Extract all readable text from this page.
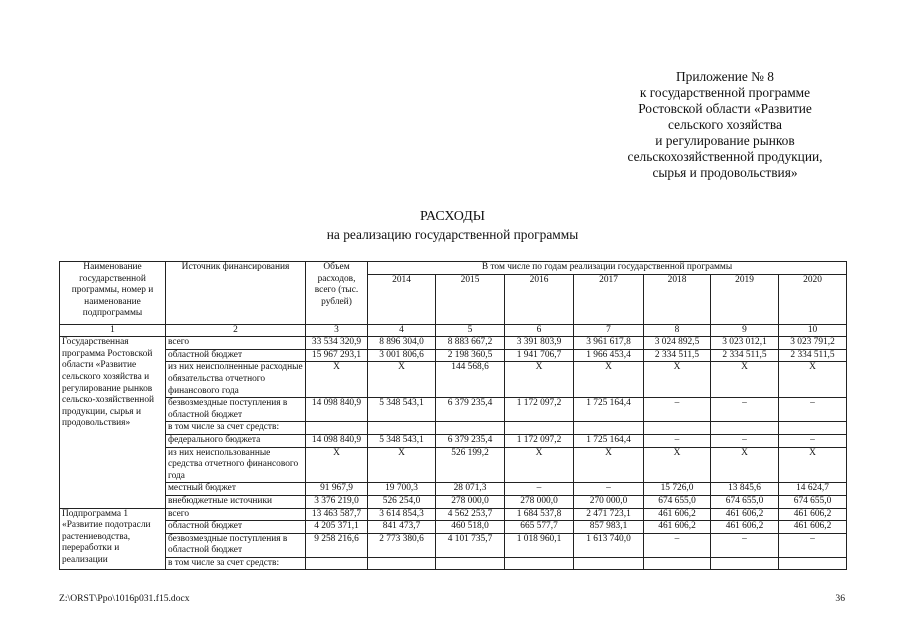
Приложение № 8
к государственной программе
Ростовской области «Развитие
сельского хозяйства
и регулирование рынков
сельскохозяйственной продукции,
сырья и продовольствия»
РАСХОДЫ
на реализацию государственной программы
Наименование государственной программы, номер и наименование подпрограммы	Источник финансирования	Объем расходов, всего (тыс. рублей)	В том числе по годам реализации государственной программы						
			2014	2015	2016	2017	2018	2019	2020
1	2	3	4	5	6	7	8	9	10
Государственная программа Ростовской области «Развитие сельского хозяйства и регулирование рынков сельско-хозяйственной продукции, сырья и продовольствия»	всего	33 534 320,9	8 896 304,0	8 883 667,2	3 391 803,9	3 961 617,8	3 024 892,5	3 023 012,1	3 023 791,2
	областной бюджет	15 967 293,1	3 001 806,6	2 198 360,5	1 941 706,7	1 966 453,4	2 334 511,5	2 334 511,5	2 334 511,5
	из них неисполненные расходные обязательства отчетного финансового года	Х	Х	144 568,6	Х	Х	Х	Х	Х
	безвозмездные поступления в областной бюджет	14 098 840,9	5 348 543,1	6 379 235,4	1 172 097,2	1 725 164,4	–	–	–
	в том числе за счет средств:								
	федерального бюджета	14 098 840,9	5 348 543,1	6 379 235,4	1 172 097,2	1 725 164,4	–	–	–
	из них неиспользованные средства отчетного финансового года	Х	Х	526 199,2	Х	Х	Х	Х	Х
	местный бюджет	91 967,9	19 700,3	28 071,3	–	–	15 726,0	13 845,6	14 624,7
	внебюджетные источники	3 376 219,0	526 254,0	278 000,0	278 000,0	270 000,0	674 655,0	674 655,0	674 655,0
Подпрограмма 1 «Развитие подотрасли растениеводства, переработки и реализации	всего	13 463 587,7	3 614 854,3	4 562 253,7	1 684 537,8	2 471 723,1	461 606,2	461 606,2	461 606,2
	областной бюджет	4 205 371,1	841 473,7	460 518,0	665 577,7	857 983,1	461 606,2	461 606,2	461 606,2
	безвозмездные поступления в областной бюджет	9 258 216,6	2 773 380,6	4 101 735,7	1 018 960,1	1 613 740,0	–	–	–
	в том числе за счет средств:								
Z:\ORST\Ppo\1016p031.f15.docx	36
